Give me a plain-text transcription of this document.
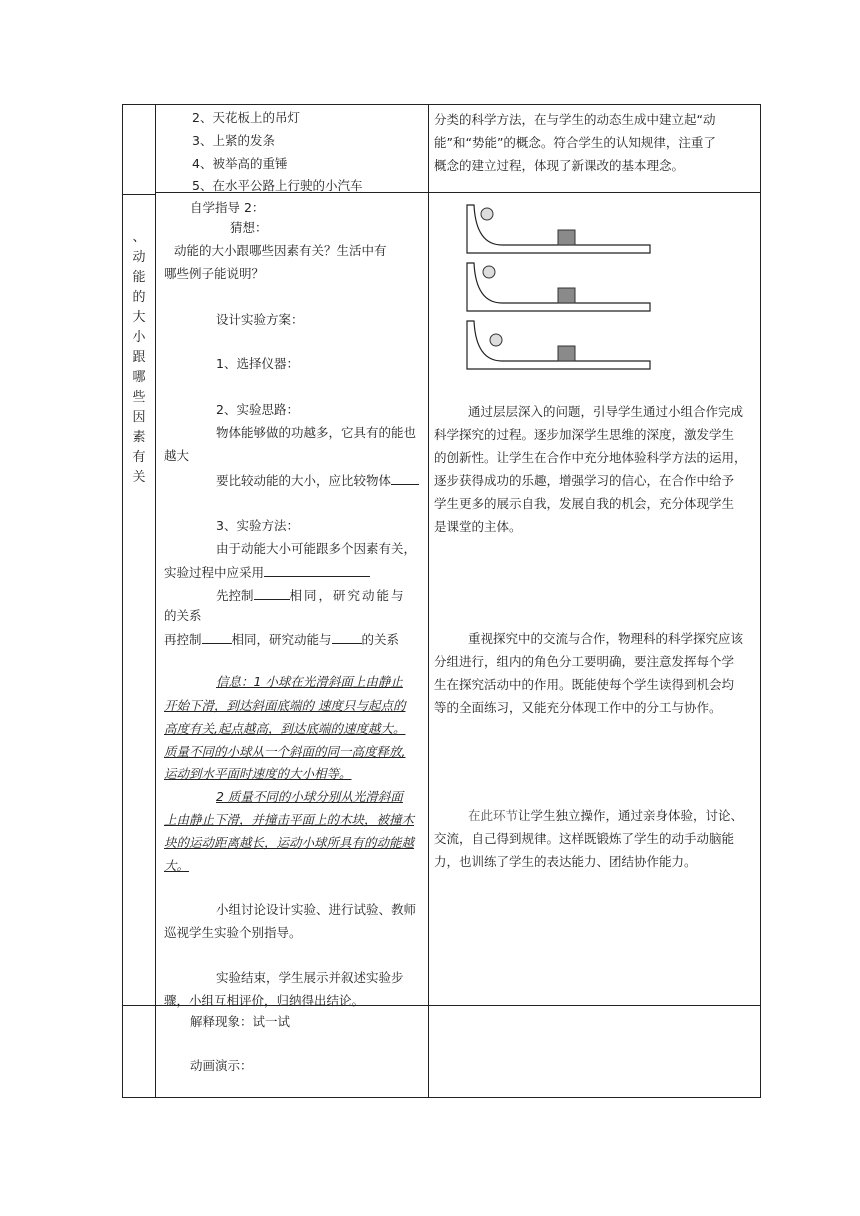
2、天花板上的吊灯
3、上紧的发条
4、被举高的重锤
5、在水平公路上行驶的小汽车
分类的科学方法，在与学生的动态生成中建立起“动
能”和“势能”的概念。符合学生的认知规律，注重了
概念的建立过程，体现了新课改的基本理念。
、
动
能
的
大
小
跟
哪
些
因
素
有
关
自学指导 2：
猜想：
动能的大小跟哪些因素有关？生活中有
哪些例子能说明？
设计实验方案：
1、选择仪器：
2、实验思路：
物体能够做的功越多，它具有的能也
越大
要比较动能的大小，应比较物体
3、实验方法：
由于动能大小可能跟多个因素有关，
实验过程中应采用
先控制	相同，研究动能与
的关系
再控制 相同，研究动能与 的关系
信息：1 小球在光滑斜面上由静止
开始下滑，到达斜面底端的 速度只与起点的
高度有关,起点越高，到达底端的速度越大。
质量不同的小球从一个斜面的同一高度释放,
运动到水平面时速度的大小相等。
2 质量不同的小球分别从光滑斜面
上由静止下滑，并撞击平面上的木块，被撞木
块的运动距离越长，运动小球所具有的动能越
大。
小组讨论设计实验、进行试验、教师
巡视学生实验个别指导。
实验结束，学生展示并叙述实验步
骤，小组互相评价，归纳得出结论。
通过层层深入的问题，引导学生通过小组合作完成
科学探究的过程。逐步加深学生思维的深度，激发学生
的创新性。让学生在合作中充分地体验科学方法的运用，
逐步获得成功的乐趣，增强学习的信心，在合作中给予
学生更多的展示自我，发展自我的机会，充分体现学生
是课堂的主体。
重视探究中的交流与合作，物理科的科学探究应该
分组进行，组内的角色分工要明确，要注意发挥每个学
生在探究活动中的作用。既能使每个学生读得到机会均
等的全面练习，又能充分体现工作中的分工与协作。
在此环节让学生独立操作，通过亲身体验，讨论、
交流，自己得到规律。这样既锻炼了学生的动手动脑能
力，也训练了学生的表达能力、团结协作能力。
解释现象：试一试
动画演示：
